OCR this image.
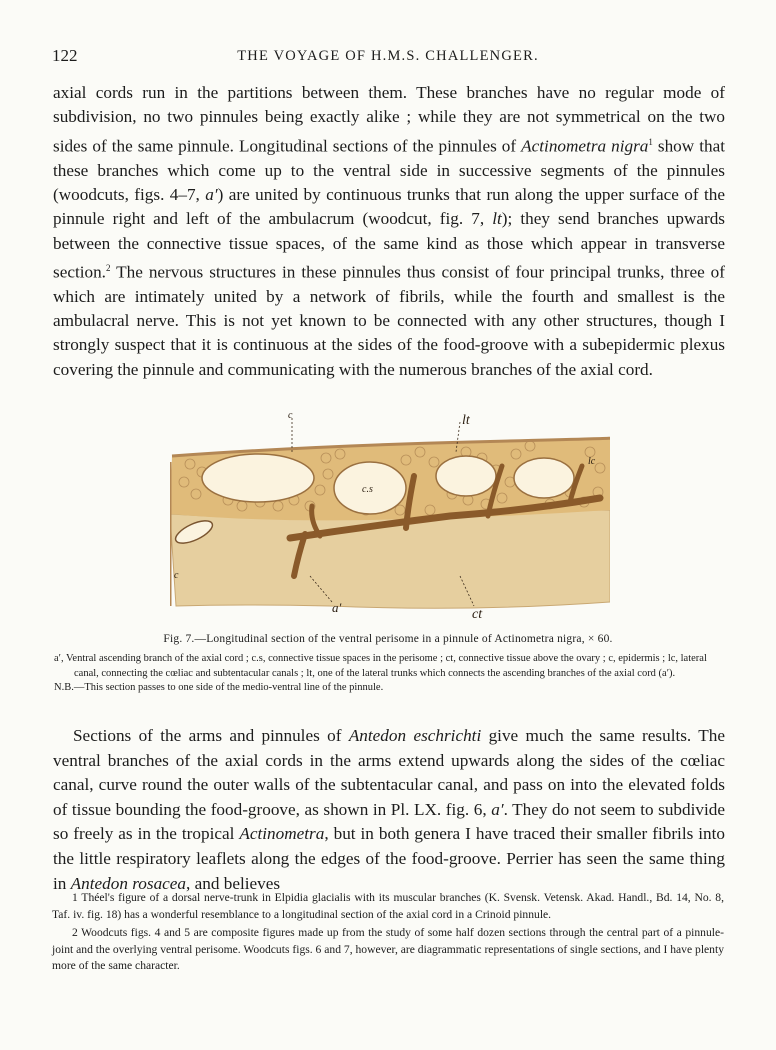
122	THE VOYAGE OF H.M.S. CHALLENGER.

axial cords run in the partitions between them. These branches have no regular mode of subdivision, no two pinnules being exactly alike ; while they are not symmetrical on the two sides of the same pinnule. Longitudinal sections of the pinnules of Actinometra nigra$^1$ show that these branches which come up to the ventral side in successive segments of the pinnules (woodcuts, figs. 4–7, a′) are united by continuous trunks that run along the upper surface of the pinnule right and left of the ambulacrum (woodcut, fig. 7, lt); they send branches upwards between the connective tissue spaces, of the same kind as those which appear in transverse section.$^2$ The nervous structures in these pinnules thus consist of four principal trunks, three of which are intimately united by a network of fibrils, while the fourth and smallest is the ambulacral nerve. This is not yet known to be connected with any other structures, though I strongly suspect that it is continuous at the sides of the food-groove with a subepidermic plexus covering the pinnule and communicating with the numerous branches of the axial cord.

c	lt
c.s
lc
c
a′	ct
Fig. 7.—Longitudinal section of the ventral perisome in a pinnule of Actinometra nigra, × 60.

a′, Ventral ascending branch of the axial cord ; c.s, connective tissue spaces in the perisome ; ct, connective tissue above the ovary ; c, epidermis ; lc, lateral canal, connecting the cœliac and subtentacular canals ; lt, one of the lateral trunks which connects the ascending branches of the axial cord (a′).

N.B.—This section passes to one side of the medio-ventral line of the pinnule.

Sections of the arms and pinnules of Antedon eschrichti give much the same results. The ventral branches of the axial cords in the arms extend upwards along the sides of the cœliac canal, curve round the outer walls of the subtentacular canal, and pass on into the elevated folds of tissue bounding the food-groove, as shown in Pl. LX. fig. 6, a′. They do not seem to subdivide so freely as in the tropical Actinometra, but in both genera I have traced their smaller fibrils into the little respiratory leaflets along the edges of the food-groove. Perrier has seen the same thing in Antedon rosacea, and believes

1 Théel's figure of a dorsal nerve-trunk in Elpidia glacialis with its muscular branches (K. Svensk. Vetensk. Akad. Handl., Bd. 14, No. 8, Taf. iv. fig. 18) has a wonderful resemblance to a longitudinal section of the axial cord in a Crinoid pinnule.

2 Woodcuts figs. 4 and 5 are composite figures made up from the study of some half dozen sections through the central part of a pinnule-joint and the overlying ventral perisome. Woodcuts figs. 6 and 7, however, are diagrammatic representations of single sections, and I have plenty more of the same character.
